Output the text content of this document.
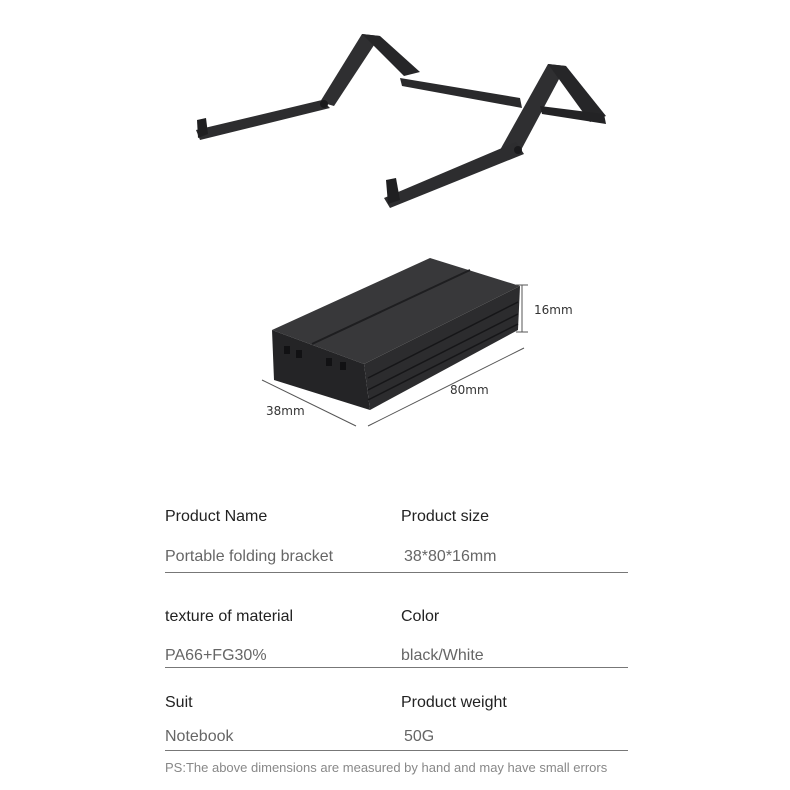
16mm
80mm
38mm
Product Name	Product size
Portable folding bracket	38*80*16mm
texture of material	Color
PA66+FG30%	black/White
Suit	Product weight
Notebook	50G
PS:The above dimensions are measured by hand and may have small errors
